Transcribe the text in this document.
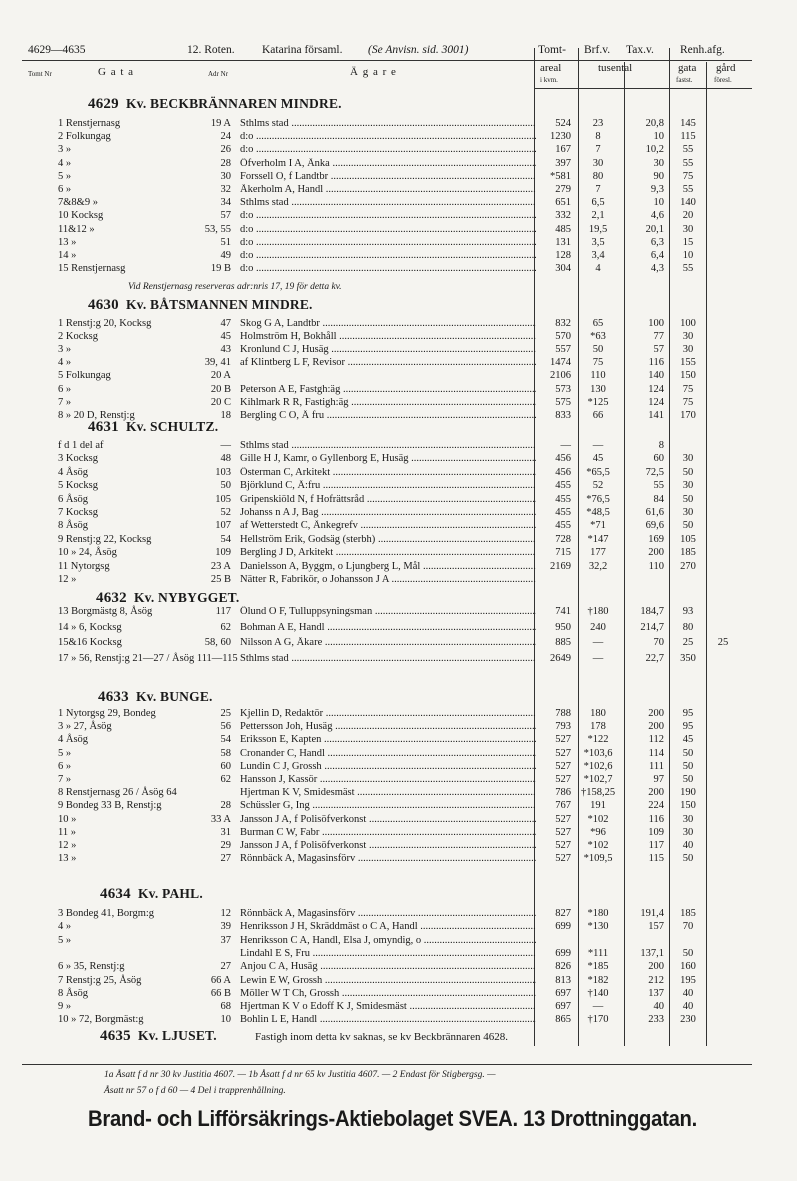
4629—4635	12. Roten. Katarina församl. (Se Anvisn. sid. 3001)	Tomt- Brf.v. Tax.v. Renh.afg.
Tomt Nr	G a t a	Adr Nr	Ä g a r e	areal
i kvm.
tusental	gata gård
fastst.	föresl.
4629 Kv. BECKBRÄNNAREN MINDRE.
1 Renstjernasg	19 A Sthlms stad .....	524	23	20,8	145
2 Folkungag	24 d:o .....	1230	8	10	115
3 »	26 d:o .....	167	7	10,2	55
4 »	28 Öfverholm I A, Änka .....	397	30	30	55
5 »	30 Forssell O, f Landtbr .....	*581	80	90	75
6 »	32 Åkerholm A, Handl .....	279	7	9,3	55
7&8&9 »	34 Sthlms stad .....	651	6,5	10	140
10 Kocksg	57 d:o .....	332	2,1	4,6	20
11&12 »	53, 55 d:o .....	485	19,5	20,1	30
13 »	51 d:o .....	131	3,5	6,3	15
14 »	49 d:o .....	128	3,4	6,4	10
15 Renstjernasg	19 B d:o .....	304	4	4,3	55
Vid Renstjernasg reserveras adr:nris 17, 19 för detta kv.
4630 Kv. BÅTSMANNEN MINDRE.
1 Renstj:g 20, Kocksg	47 Skog G A, Landtbr .....	832	65	100	100
2 Kocksg	45 Holmström H, Bokhåll .....	570	*63	77	30
3 »	43 Kronlund C J, Husäg .....	557	50	57	30
4 »	39, 41 af Klintberg L F, Revisor .....	1474	75	116	155
5 Folkungag	20 A	2106	110	140	150
6 »	20 B Peterson A E, Fastgh:äg .....	573	130	124	75
7 »	20 C Kihlmark R R, Fastigh:äg .....	575	*125	124	75
8 » 20 D, Renstj:g	18 Bergling C O, Ä fru .....	833	66	141	170
4631 Kv. SCHULTZ.
f d 1 del af	— Sthlms stad .....	—	—	8
3 Kocksg	48 Gille H J, Kamr, o Gyllenborg E, Husäg .....	456	45	60	30
4 Åsög	103 Österman C, Arkitekt .....	456	*65,5	72,5	50
5 Kocksg	50 Björklund C, Ä:fru .....	455	52	55	30
6 Åsög	105 Gripenskiöld N, f Hofrättsråd .....	455	*76,5	84	50
7 Kocksg	52 Johanss n A J, Bag .....	455	*48,5	61,6	30
8 Åsög	107 af Wetterstedt C, Änkegrefv .....	455	*71	69,6	50
9 Renstj:g 22, Kocksg	54 Hellström Erik, Godsäg (sterbh) .....	728	*147	169	105
10 » 24, Åsög	109 Bergling J D, Arkitekt .....	715	177	200	185
11 Nytorgsg	23 A Danielsson A, Byggm, o Ljungberg L, Mål .....	2169	32,2	110	270
12 »	25 B Nätter R, Fabrikör, o Johansson J A .....
4632 Kv. NYBYGGET.
13 Borgmästg 8, Åsög	117 Ölund O F, Tulluppsyningsman .....	741	†180	184,7	93
14 » 6, Kocksg	62 Bohman A E, Handl .....	950	240	214,7	80
15&16 Kocksg	58, 60 Nilsson A G, Åkare .....	885	—	70	25	25
17 » 56, Renstj:g 21—27 / Åsög 111—115 Sthlms stad .....	2649	—	22,7	350
4633 Kv. BUNGE.
1 Nytorgsg 29, Bondeg	25 Kjellin D, Redaktör .....	788	180	200	95
3 » 27, Åsög	56 Pettersson Joh, Husäg .....	793	178	200	95
4 Åsög	54 Eriksson E, Kapten .....	527	*122	112	45
5 »	58 Cronander C, Handl .....	527	*103,6	114	50
6 »	60 Lundin C J, Grossh .....	527	*102,6	111	50
7 »	62 Hansson J, Kassör .....	527	*102,7	97	50
8 Renstjernasg 26 / Åsög 64	Hjertman K V, Smidesmäst .....	786 †158,25	200	190
9 Bondeg 33 B, Renstj:g	28 Schüssler G, Ing .....	767	191	224	150
10 »	33 A Jansson J A, f Polisöfverkonst .....	527	*102	116	30
11 »	31 Burman C W, Fabr .....	527	*96	109	30
12 »	29 Jansson J A, f Polisöfverkonst .....	527	*102	117	40
13 »	27 Rönnbäck A, Magasinsförv .....	527	*109,5	115	50
4634 Kv. PAHL.
3 Bondeg 41, Borgm:g	12 Rönnbäck A, Magasinsförv .....	827	*180	191,4	185
4 »	39 Henriksson J H, Skräddmäst o C A, Handl .....	699	*130	157	70
5 »	37 Henriksson C A, Handl, Elsa J, omyndig, o .....
Lindahl E S, Fru .....	699	*111	137,1	50
6 » 35, Renstj:g	27 Anjou C A, Husäg .....	826	*185	200	160
7 Renstj:g 25, Åsög	66 A Lewin E W, Grossh .....	813	*182	212	195
8 Åsög	66 B Möller W T Ch, Grossh .....	697	†140	137	40
9 »	68 Hjertman K V o Edoff K J, Smidesmäst .....	697	—	40	40
10 » 72, Borgmäst:g	10 Bohlin L E, Handl .....	865	†170	233	230
4635 Kv. LJUSET.	Fastigh inom detta kv saknas, se kv Beckbrännaren 4628.
1a Åsatt f d nr 30 kv Justitia 4607. — 1b Åsatt f d nr 65 kv Justitia 4607. — 2 Endast för Stigbergsg. —
Åsatt nr 57 o f d 60 — 4 Del i trapprenhållning.
Brand- och Lifförsäkrings-Aktiebolaget SVEA. 13 Drottninggatan.
